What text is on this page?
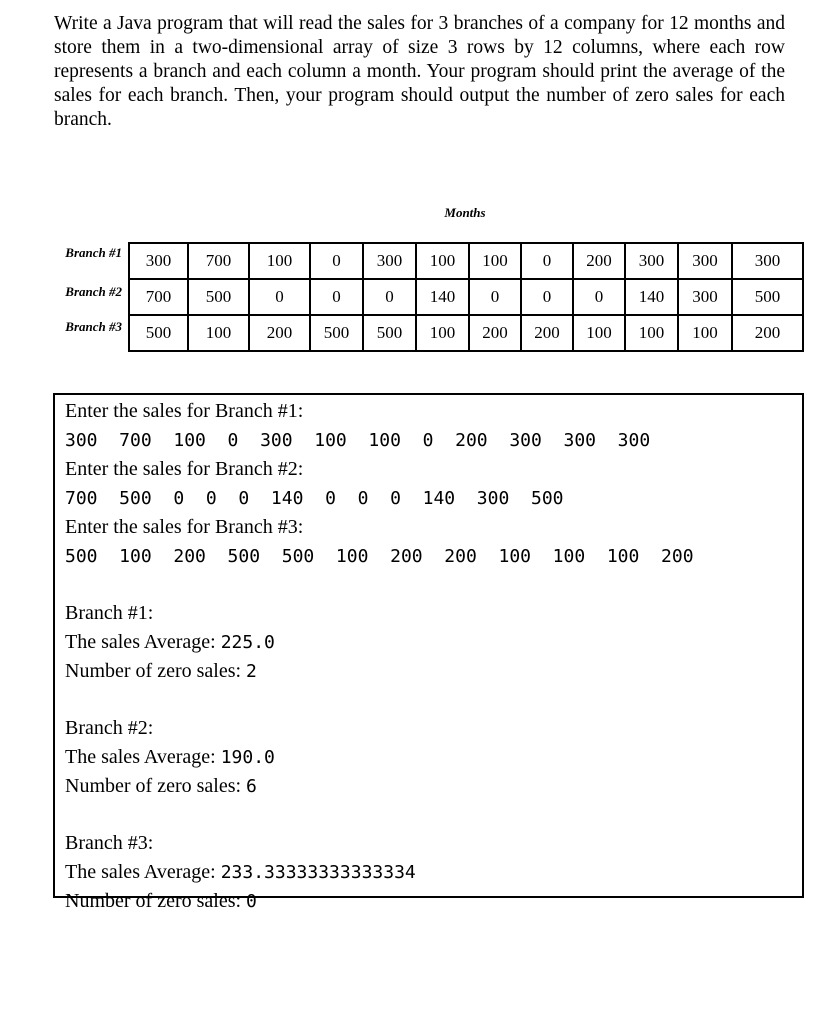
Write a Java program that will read the sales for 3 branches of a company for 12 months and store them in a two-dimensional array of size 3 rows by 12 columns, where each row represents a branch and each column a month. Your program should print the average of the sales for each branch. Then, your program should output the number of zero sales for each branch.
Months
Branch #1
Branch #2
Branch #3
300	700	100	0	300	100	100	0	200	300	300	300
700	500	0	0	0	140	0	0	0	140	300	500
500	100	200	500	500	100	200	200	100	100	100	200
Enter the sales for Branch #1:
300  700  100  0  300  100  100  0  200  300  300  300
Enter the sales for Branch #2:
700  500  0  0  0  140  0  0  0  140  300  500
Enter the sales for Branch #3:
500  100  200  500  500  100  200  200  100  100  100  200
Branch #1:
The sales Average: 225.0
Number of zero sales: 2
Branch #2:
The sales Average: 190.0
Number of zero sales: 6
Branch #3:
The sales Average: 233.33333333333334
Number of zero sales: 0
